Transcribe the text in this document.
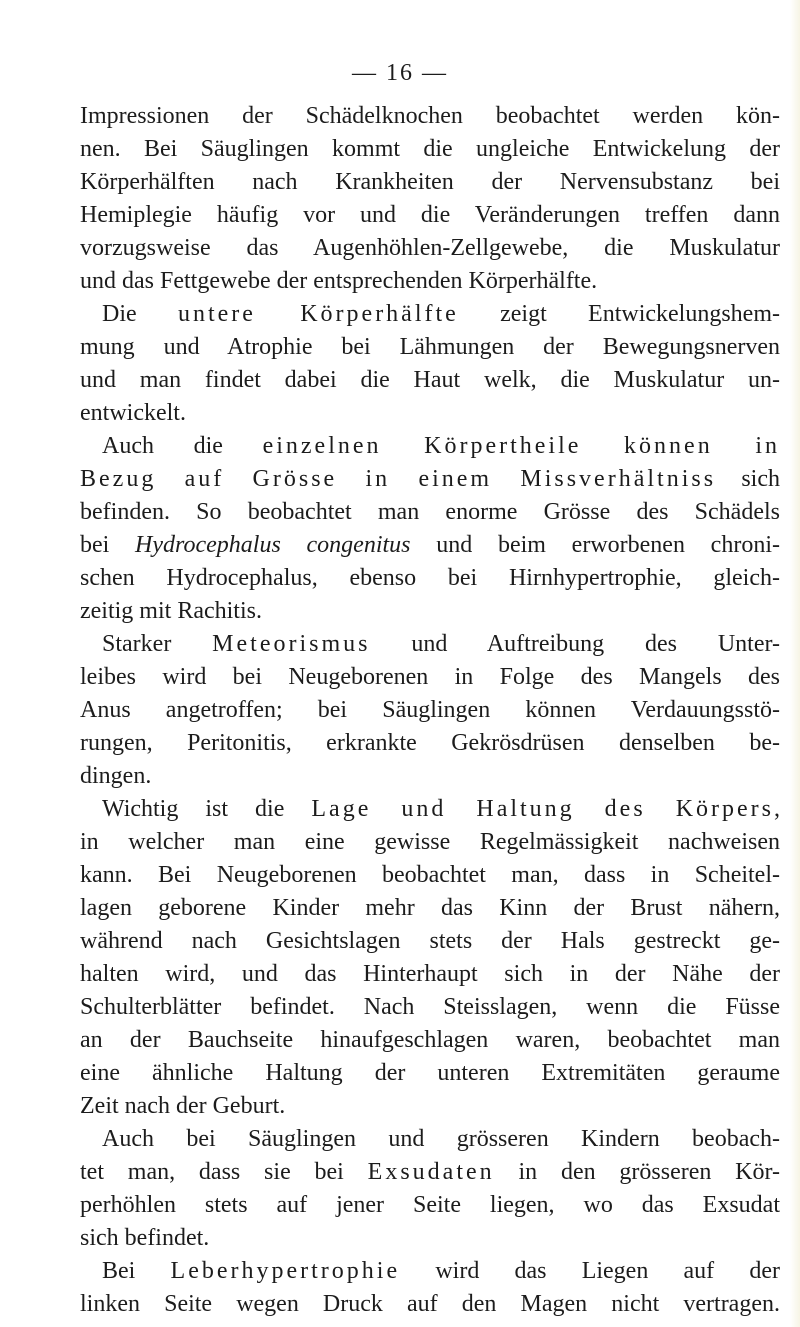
— 16 —
Impressionen der Schädelknochen beobachtet werden kön-
nen. Bei Säuglingen kommt die ungleiche Entwickelung der
Körperhälften nach Krankheiten der Nervensubstanz bei
Hemiplegie häufig vor und die Veränderungen treffen dann
vorzugsweise das Augenhöhlen-Zellgewebe, die Muskulatur
und das Fettgewebe der entsprechenden Körperhälfte.
Die untere Körperhälfte zeigt Entwickelungshem-
mung und Atrophie bei Lähmungen der Bewegungsnerven
und man findet dabei die Haut welk, die Muskulatur un-
entwickelt.
Auch die einzelnen Körpertheile können in
Bezug auf Grösse in einem Missverhältniss sich
befinden. So beobachtet man enorme Grösse des Schädels
bei Hydrocephalus congenitus und beim erworbenen chroni-
schen Hydrocephalus, ebenso bei Hirnhypertrophie, gleich-
zeitig mit Rachitis.
Starker Meteorismus und Auftreibung des Unter-
leibes wird bei Neugeborenen in Folge des Mangels des
Anus angetroffen; bei Säuglingen können Verdauungsstö-
rungen, Peritonitis, erkrankte Gekrösdrüsen denselben be-
dingen.
Wichtig ist die Lage und Haltung des Körpers,
in welcher man eine gewisse Regelmässigkeit nachweisen
kann. Bei Neugeborenen beobachtet man, dass in Scheitel-
lagen geborene Kinder mehr das Kinn der Brust nähern,
während nach Gesichtslagen stets der Hals gestreckt ge-
halten wird, und das Hinterhaupt sich in der Nähe der
Schulterblätter befindet. Nach Steisslagen, wenn die Füsse
an der Bauchseite hinaufgeschlagen waren, beobachtet man
eine ähnliche Haltung der unteren Extremitäten geraume
Zeit nach der Geburt.
Auch bei Säuglingen und grösseren Kindern beobach-
tet man, dass sie bei Exsudaten in den grösseren Kör-
perhöhlen stets auf jener Seite liegen, wo das Exsudat
sich befindet.
Bei Leberhypertrophie wird das Liegen auf der
linken Seite wegen Druck auf den Magen nicht vertragen.
